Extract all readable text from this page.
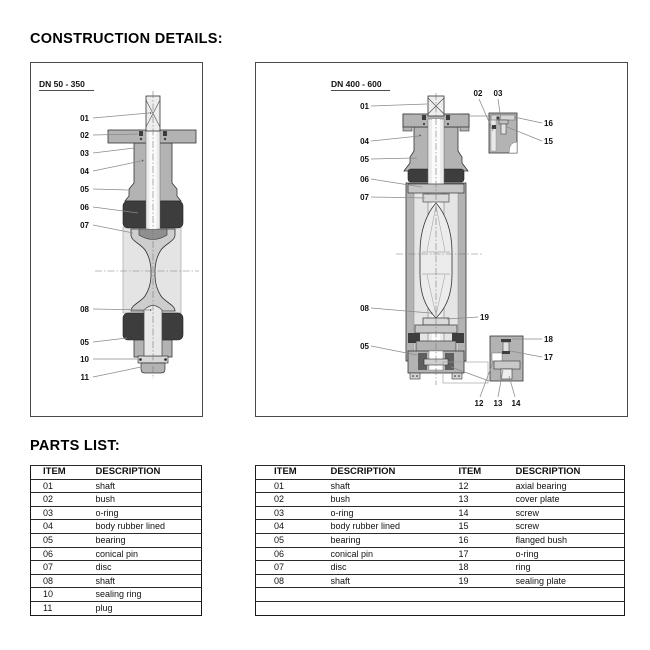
CONSTRUCTION DETAILS:
DN 50 - 350
01
02
03
04
05
06
07
08
05
10
11
DN 400 - 600
01
04
05
06
07
08
05
19
02 03
16
15
18
17
12 13 14
PARTS LIST:
ITEM	DESCRIPTION
01	shaft
02	bush
03	o-ring
04	body rubber lined
05	bearing
06	conical pin
07	disc
08	shaft
10	sealing ring
11	plug
ITEM	DESCRIPTION	ITEM	DESCRIPTION
01	shaft	12	axial bearing
02	bush	13	cover plate
03	o-ring	14	screw
04	body rubber lined	15	screw
05	bearing	16	flanged bush
06	conical pin	17	o-ring
07	disc	18	ring
08	shaft	19	sealing plate
